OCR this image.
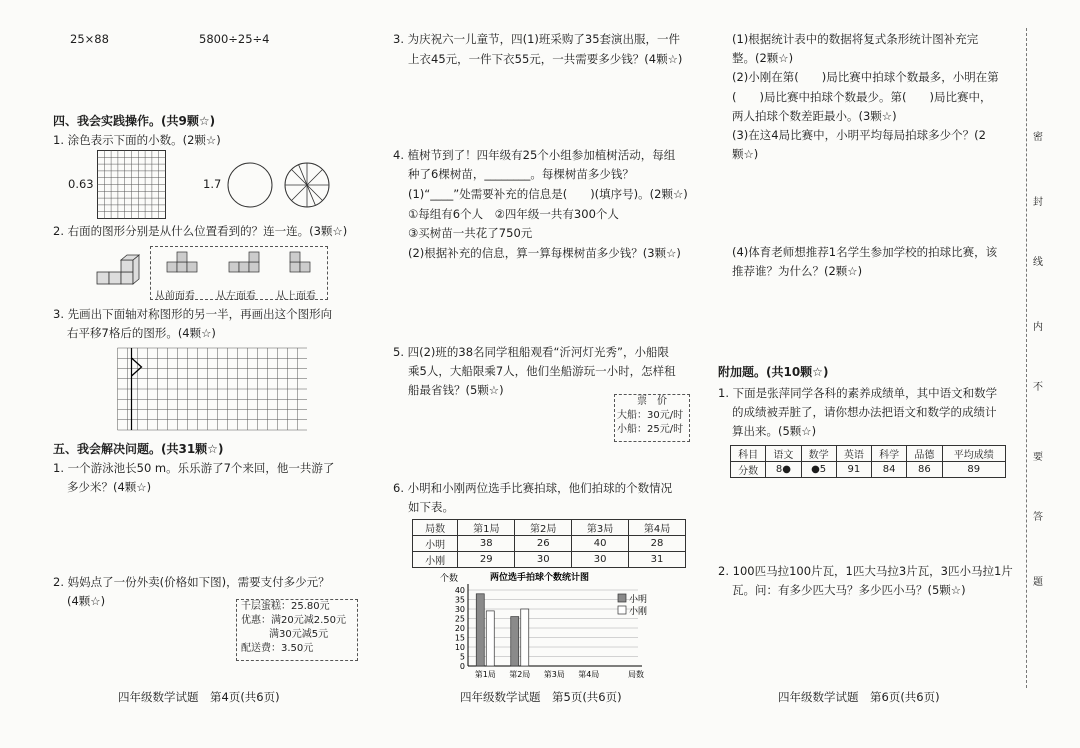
25×88	5800÷25÷4
四、我会实践操作。(共9颗☆)
1. 涂色表示下面的小数。(2颗☆)
0.63	1.7
2. 右面的图形分别是从什么位置看到的？连一连。(3颗☆)
从前面看 从左面看 从上面看
3. 先画出下面轴对称图形的另一半，再画出这个图形向
右平移7格后的图形。(4颗☆)
五、我会解决问题。(共31颗☆)
1. 一个游泳池长50 m。乐乐游了7个来回，他一共游了
多少米？(4颗☆)
2. 妈妈点了一份外卖(价格如下图)，需要支付多少元？
(4颗☆)	千层蛋糕：25.80元
优惠：满20元减2.50元
满30元减5元
配送费：3.50元
四年级数学试题　第4页(共6页)
3. 为庆祝六一儿童节，四(1)班采购了35套演出服，一件
上衣45元，一件下衣55元，一共需要多少钱？(4颗☆)
4. 植树节到了！四年级有25个小组参加植树活动，每组
种了6棵树苗，________。每棵树苗多少钱？
(1)“____”处需要补充的信息是(　　)(填序号)。(2颗☆)
①每组有6个人　②四年级一共有300个人
③买树苗一共花了750元
(2)根据补充的信息，算一算每棵树苗多少钱？(3颗☆)
5. 四(2)班的38名同学租船观看“沂河灯光秀”，小船限
乘5人，大船限乘7人，他们坐船游玩一小时，怎样租
船最省钱？(5颗☆)
票　价
大船：30元/时
小船：25元/时
6. 小明和小刚两位选手比赛拍球，他们拍球的个数情况
如下表。
局数	第1局	第2局	第3局	第4局
小明	38	26	40	28
小刚	29	30	30	31
两位选手拍球个数统计图
个数
0
5
10
15
20
25
30
35
40
第1局 第2局 第3局 第4局	局数
小明
小刚
四年级数学试题　第5页(共6页)
(1)根据统计表中的数据将复式条形统计图补充完
整。(2颗☆)
(2)小刚在第(　　)局比赛中拍球个数最多，小明在第
(　　)局比赛中拍球个数最少。第(　　)局比赛中，
两人拍球个数差距最小。(3颗☆)
(3)在这4局比赛中，小明平均每局拍球多少个？(2
颗☆)
(4)体育老师想推荐1名学生参加学校的拍球比赛，该
推荐谁？为什么？(2颗☆)
附加题。(共10颗☆)
1. 下面是张萍同学各科的素养成绩单，其中语文和数学
的成绩被弄脏了，请你想办法把语文和数学的成绩计
算出来。(5颗☆)
科目	语文	数学	英语	科学	品德	平均成绩
分数	8●	●5	91	84	86	89
2. 100匹马拉100片瓦，1匹大马拉3片瓦，3匹小马拉1片
瓦。问：有多少匹大马？多少匹小马？(5颗☆)
四年级数学试题　第6页(共6页)
密
封
线
内
不
要
答
题
